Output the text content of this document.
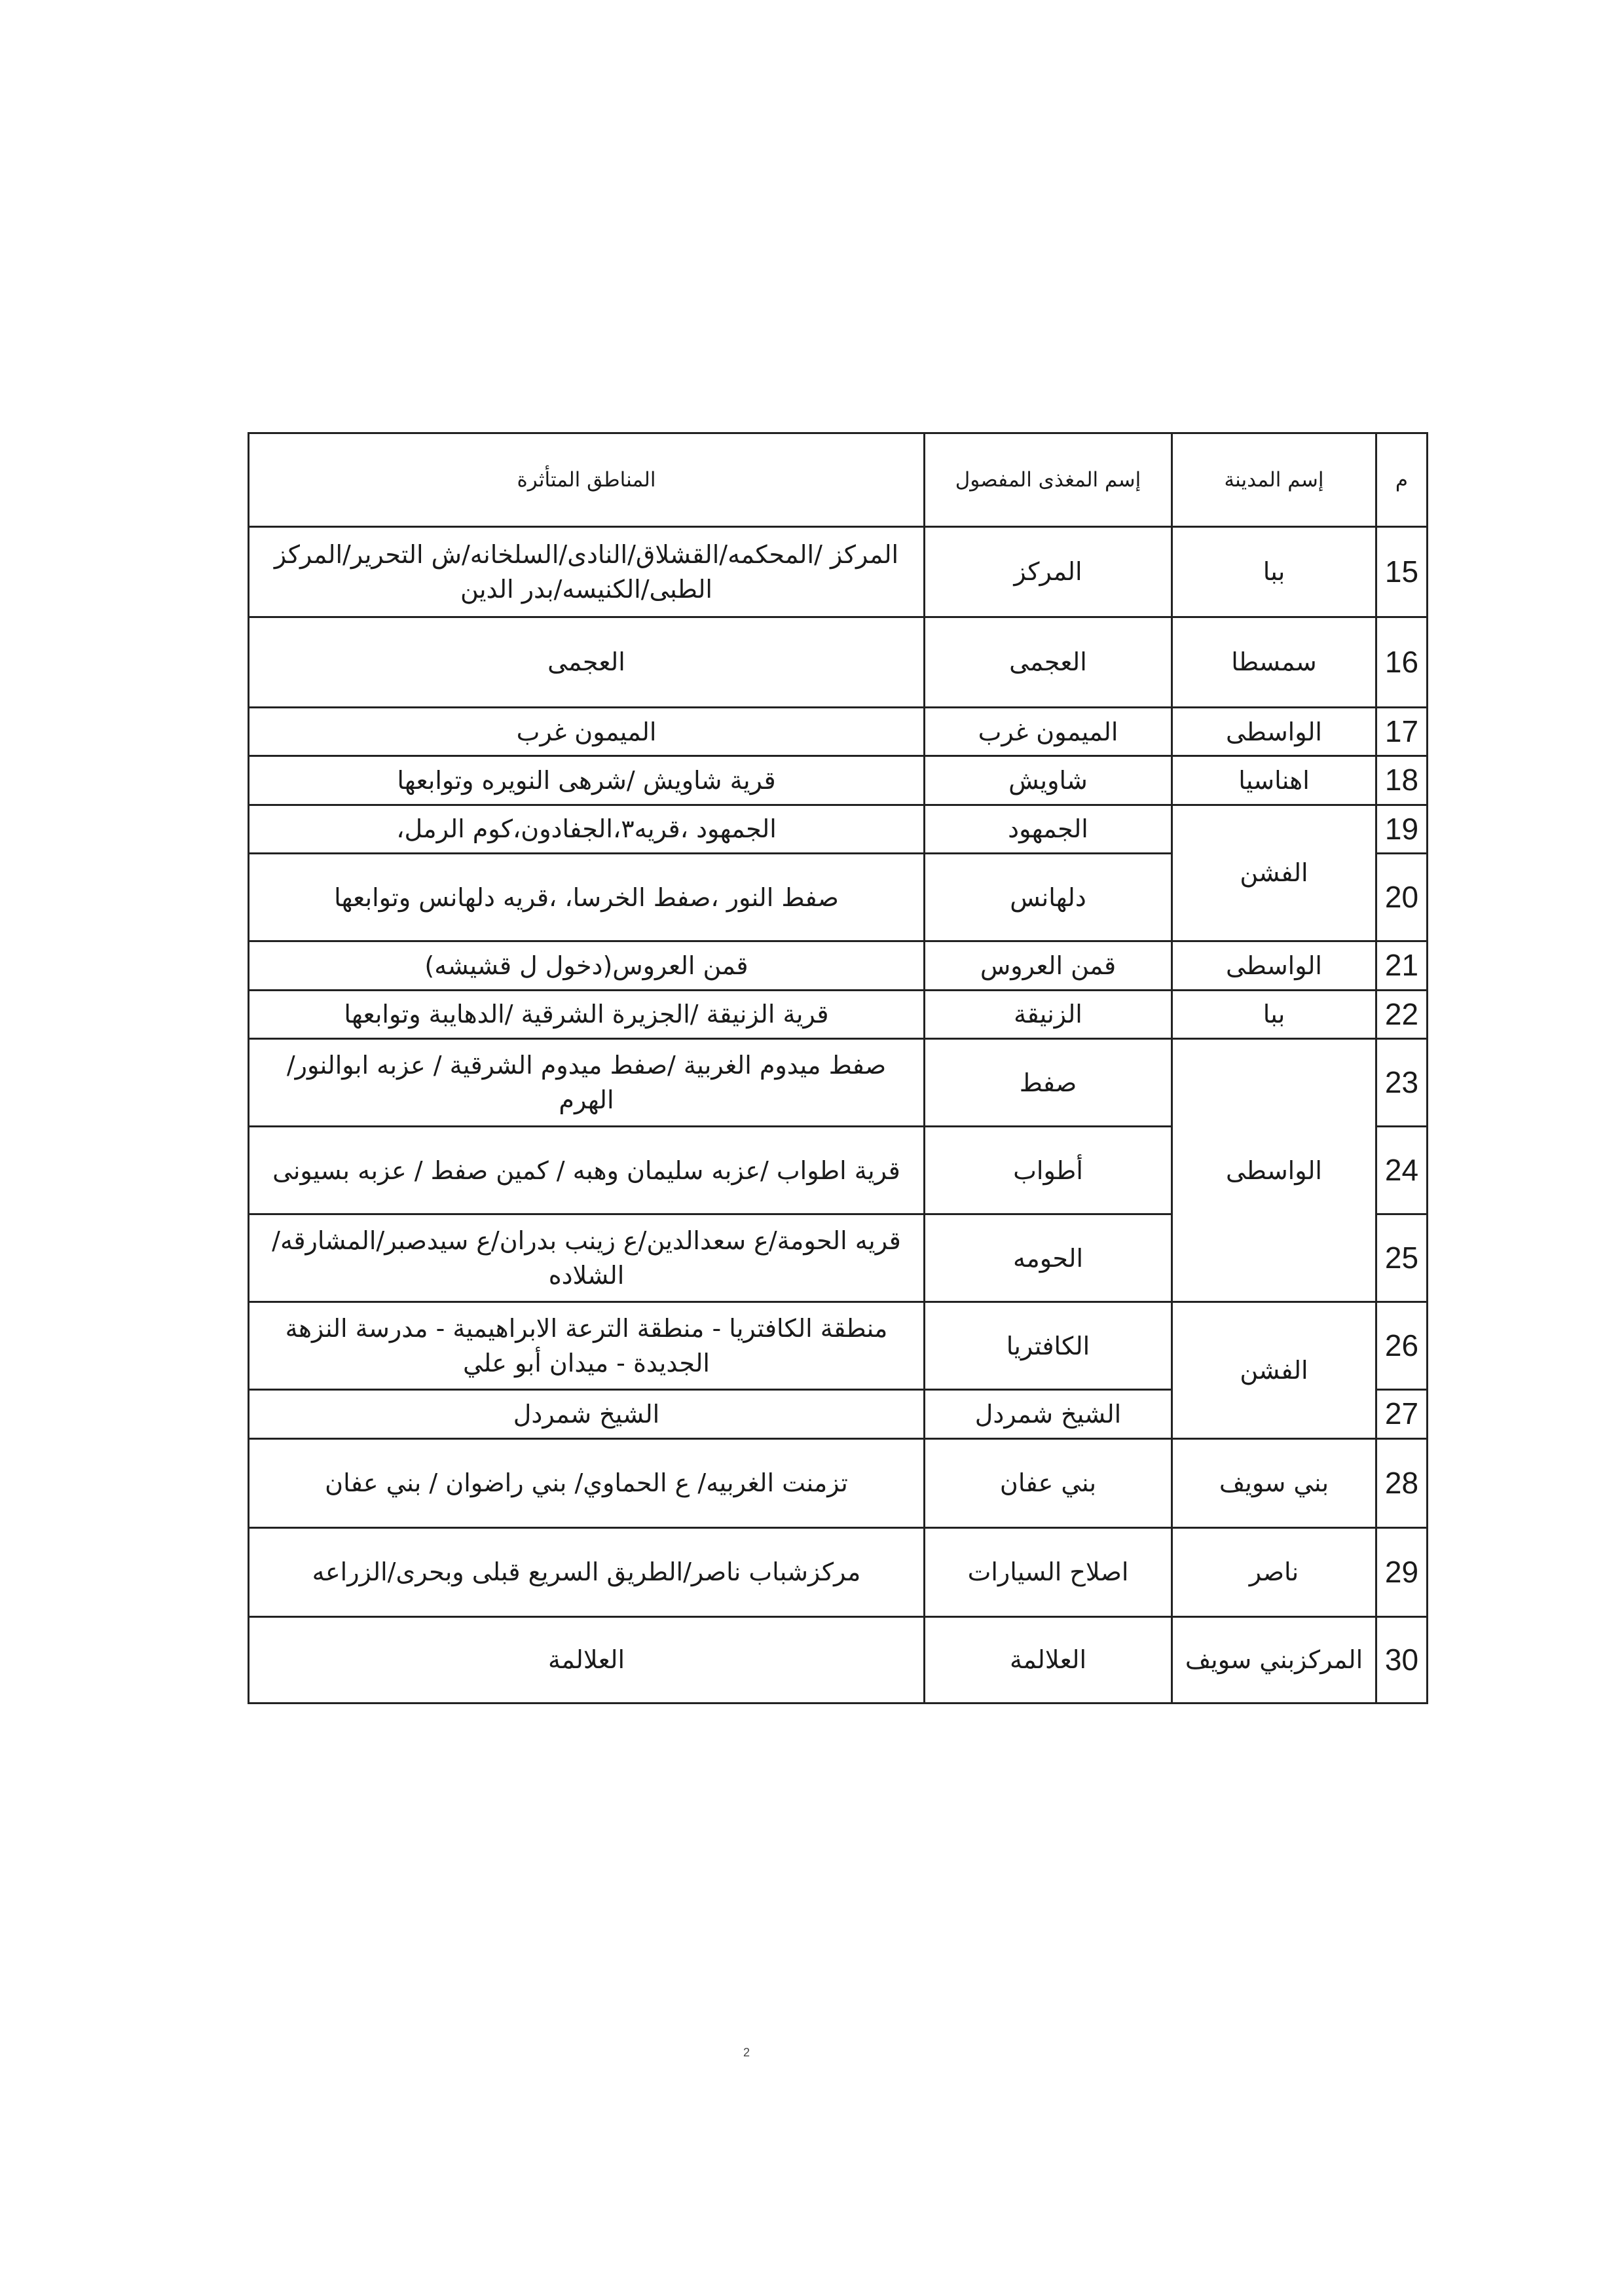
م	إسم المدينة	إسم المغذى المفصول	المناطق المتأثرة
15	ببا	المركز	المركز /المحكمه/القشلاق/النادى/السلخانه/ش التحرير/المركز الطبى/الكنيسه/بدر الدين
16	سمسطا	العجمى	العجمى
17	الواسطى	الميمون غرب	الميمون غرب
18	اهناسيا	شاويش	قرية شاويش /شرهى النويره وتوابعها
19	الفشن	الجمهود	الجمهود ،قريه٣،الجفادون،كوم الرمل،
20		دلهانس	صفط النور ،صفط الخرسا، ،قريه دلهانس وتوابعها
21	الواسطى	قمن العروس	قمن العروس(دخول ل قشيشه)
22	ببا	الزنيقة	قرية الزنيقة /الجزيرة الشرقية /الدهايبة وتوابعها
23	الواسطى	صفط	صفط ميدوم الغربية /صفط ميدوم الشرقية / عزبه ابوالنور/ الهرم
24		أطواب	قرية اطواب /عزبه سليمان وهبه / كمين صفط / عزبه بسيونى
25		الحومه	قريه الحومة/ع سعدالدين/ع زينب بدران/ع سيدصبر/المشارقه/الشلاده
26	الفشن	الكافتريا	منطقة الكافتريا - منطقة الترعة الابراهيمية - مدرسة النزهة الجديدة - ميدان أبو علي
27		الشيخ شمردل	الشيخ شمردل
28	بني سويف	بني عفان	تزمنت الغربيه/ ع الحماوي/ بني راضوان / بني عفان
29	ناصر	اصلاح السيارات	مركزشباب ناصر/الطريق السريع قبلى وبحرى/الزراعه
30	المركزبني سويف	العلالمة	العلالمة
2
